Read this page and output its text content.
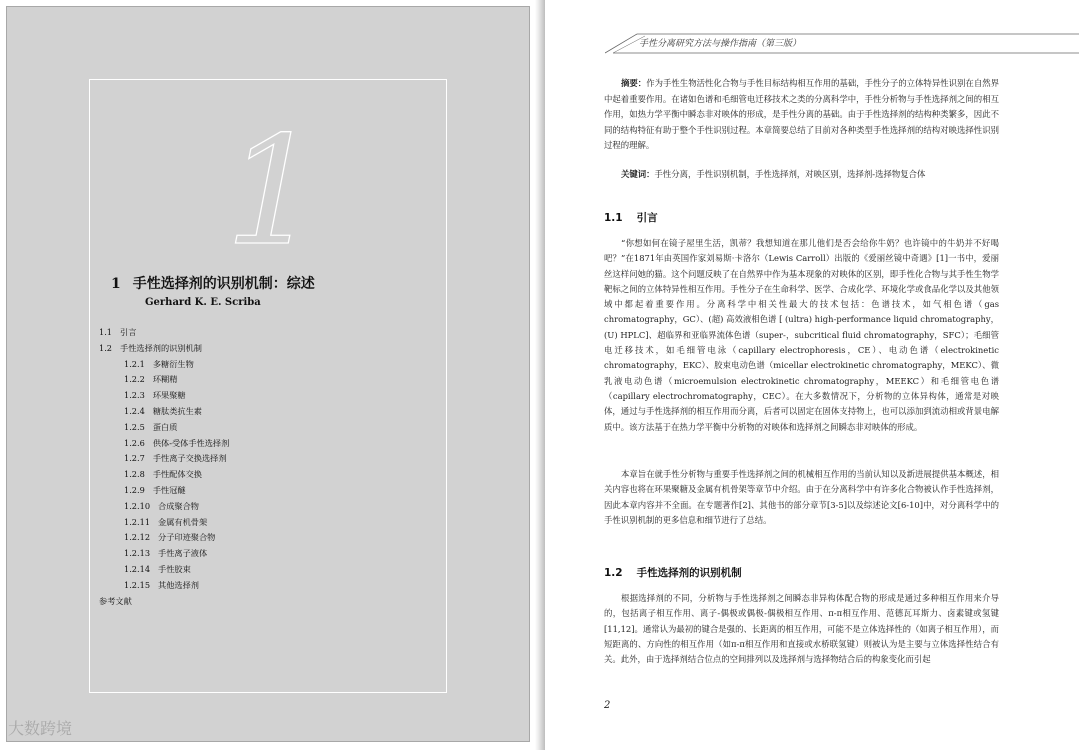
1
1 手性选择剂的识别机制：综述
Gerhard K. E. Scriba
1.1 引言
1.2 手性选择剂的识别机制
1.2.1 多糖衍生物
1.2.2 环糊精
1.2.3 环果聚糖
1.2.4 糖肽类抗生素
1.2.5 蛋白质
1.2.6 供体-受体手性选择剂
1.2.7 手性离子交换选择剂
1.2.8 手性配体交换
1.2.9 手性冠醚
1.2.10 合成聚合物
1.2.11 金属有机骨架
1.2.12 分子印迹聚合物
1.2.13 手性离子液体
1.2.14 手性胶束
1.2.15 其他选择剂
参考文献
手性分离研究方法与操作指南（第三版）
摘要：作为手性生物活性化合物与手性目标结构相互作用的基础，手性分子的立体特异性识别在自然界中起着重要作用。在诸如色谱和毛细管电迁移技术之类的分离科学中，手性分析物与手性选择剂之间的相互作用，如热力学平衡中瞬态非对映体的形成，是手性分离的基础。由于手性选择剂的结构种类繁多，因此不同的结构特征有助于整个手性识别过程。本章简要总结了目前对各种类型手性选择剂的结构对映选择性识别过程的理解。
关键词：手性分离，手性识别机制，手性选择剂，对映区别，选择剂-选择物复合体
1.1 引言
“你想如何在镜子屋里生活，凯蒂？我想知道在那儿他们是否会给你牛奶？也许镜中的牛奶并不好喝吧？”在1871年由英国作家刘易斯·卡洛尔（Lewis Carroll）出版的《爱丽丝镜中奇遇》[1]一书中，爱丽丝这样问她的猫。这个问题反映了在自然界中作为基本现象的对映体的区别，即手性化合物与其手性生物学靶标之间的立体特异性相互作用。手性分子在生命科学、医学、合成化学、环境化学或食品化学以及其他领域中都起着重要作用。分离科学中相关性最大的技术包括：色谱技术，如气相色谱（gas chromatography，GC）、(超) 高效液相色谱 [ (ultra) high-performance liquid chromatography，(U) HPLC]、超临界和亚临界流体色谱（super-，subcritical fluid chromatography，SFC）；毛细管电迁移技术，如毛细管电泳（capillary electrophoresis，CE）、电动色谱（electrokinetic chromatography，EKC）、胶束电动色谱（micellar electrokinetic chromatography，MEKC）、微乳液电动色谱（microemulsion electrokinetic chromatography，MEEKC）和毛细管电色谱（capillary electrochromatography，CEC）。在大多数情况下，分析物的立体异构体，通常是对映体，通过与手性选择剂的相互作用而分离，后者可以固定在固体支持物上，也可以添加到流动相或背景电解质中。该方法基于在热力学平衡中分析物的对映体和选择剂之间瞬态非对映体的形成。
本章旨在就手性分析物与重要手性选择剂之间的机械相互作用的当前认知以及新进展提供基本概述，相关内容也将在环果聚糖及金属有机骨架等章节中介绍。由于在分离科学中有许多化合物被认作手性选择剂，因此本章内容并不全面。在专题著作[2]、其他书的部分章节[3-5]以及综述论文[6-10]中，对分离科学中的手性识别机制的更多信息和细节进行了总结。
1.2 手性选择剂的识别机制
根据选择剂的不同，分析物与手性选择剂之间瞬态非异构体配合物的形成是通过多种相互作用来介导的，包括离子相互作用、离子-偶极或偶极-偶极相互作用、π-π相互作用、范德瓦耳斯力、卤素键或氢键[11,12]。通常认为最初的键合是强的、长距离的相互作用，可能不是立体选择性的（如离子相互作用），而短距离的、方向性的相互作用（如π-π相互作用和直接或水桥联氢键）则被认为是主要与立体选择性结合有关。此外，由于选择剂结合位点的空间排列以及选择剂与选择物结合后的构象变化而引起
2
大数跨境
